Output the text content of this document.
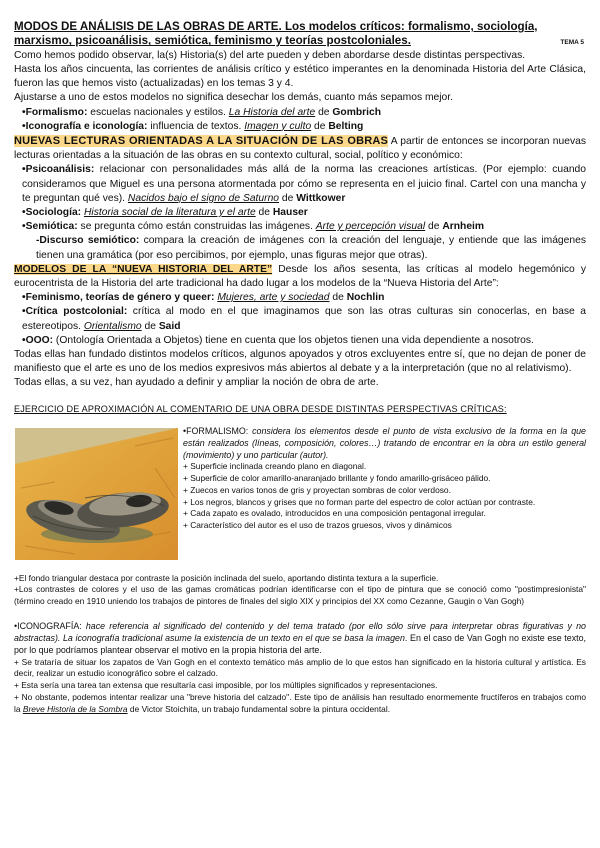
MODOS DE ANÁLISIS DE LAS OBRAS DE ARTE. Los modelos críticos: formalismo, sociología, marxismo, psicoanálisis, semiótica, feminismo y teorías postcoloniales.	TEMA 5

Como hemos podido observar, la(s) Historia(s) del arte pueden y deben abordarse desde distintas perspectivas.

Hasta los años cincuenta, las corrientes de análisis crítico y estético imperantes en la denominada Historia del Arte Clásica, fueron las que hemos visto (actualizadas) en los temas 3 y 4.

Ajustarse a uno de estos modelos no significa desechar los demás, cuanto más sepamos mejor.

•Formalismo: escuelas nacionales y estilos. La Historia del arte de Gombrich

•Iconografía e iconología: influencia de textos. Imagen y culto de Belting

NUEVAS LECTURAS ORIENTADAS A LA SITUACIÓN DE LAS OBRAS A partir de entonces se incorporan nuevas lecturas orientadas a la situación de las obras en su contexto cultural, social, político y económico:

•Psicoanálisis: relacionar con personalidades más allá de la norma las creaciones artísticas. (Por ejemplo: cuando consideramos que Miguel es una persona atormentada por cómo se representa en el juicio final. Cartel con una mancha y te preguntan qué ves). Nacidos bajo el signo de Saturno de Wittkower

•Sociología: Historia social de la literatura y el arte de Hauser

•Semiótica: se pregunta cómo están construidas las imágenes. Arte y percepción visual de Arnheim

-Discurso semiótico: compara la creación de imágenes con la creación del lenguaje, y entiende que las imágenes tienen una gramática (por eso percibimos, por ejemplo, unas figuras mejor que otras).

MODELOS DE LA “NUEVA HISTORIA DEL ARTE” Desde los años sesenta, las críticas al modelo hegemónico y eurocentrista de la Historia del arte tradicional ha dado lugar a los modelos de la “Nueva Historia del Arte”:

•Feminismo, teorías de género y queer: Mujeres, arte y sociedad de Nochlin

•Crítica postcolonial: crítica al modo en el que imaginamos que son las otras culturas sin conocerlas, en base a estereotipos. Orientalismo de Said

•OOO: (Ontología Orientada a Objetos) tiene en cuenta que los objetos tienen una vida dependiente a nosotros.

Todas ellas han fundado distintos modelos críticos, algunos apoyados y otros excluyentes entre sí, que no dejan de poner de manifiesto que el arte es uno de los medios expresivos más abiertos al debate y a la interpretación (que no al relativismo).

Todas ellas, a su vez, han ayudado a definir y ampliar la noción de obra de arte.

EJERCICIO DE APROXIMACIÓN AL COMENTARIO DE UNA OBRA DESDE DISTINTAS PERSPECTIVAS CRÍTICAS:

•FORMALISMO: considera los elementos desde el punto de vista exclusivo de la forma en la que están realizados (líneas, composición, colores…) tratando de encontrar en la obra un estilo general (movimiento) y uno particular (autor).

+ Superficie inclinada creando plano en diagonal.

+ Superficie de color amarillo-anaranjado brillante y fondo amarillo-grisáceo pálido.

+ Zuecos en varios tonos de gris y proyectan sombras de color verdoso.

+ Los negros, blancos y grises que no forman parte del espectro de color actúan por contraste.

+ Cada zapato es ovalado, introducidos en una composición pentagonal irregular.

+ Característico del autor es el uso de trazos gruesos, vivos y dinámicos

+El fondo triangular destaca por contraste la posición inclinada del suelo, aportando distinta textura a la superficie.

+Los contrastes de colores y el uso de las gamas cromáticas podrían identificarse con el tipo de pintura que se conoció como "postimpresionista" (término creado en 1910 uniendo los trabajos de pintores de finales del siglo XIX y principios del XX como Cezanne, Gaugin o Van Gogh)

•ICONOGRAFÍA: hace referencia al significado del contenido y del tema tratado (por ello sólo sirve para interpretar obras figurativas y no abstractas). La iconografía tradicional asume la existencia de un texto en el que se basa la imagen. En el caso de Van Gogh no existe ese texto, por lo que podríamos plantear observar el motivo en la propia historia del arte.

+ Se trataría de situar los zapatos de Van Gogh en el contexto temático más amplio de lo que estos han significado en la historia cultural y artística. Es decir, realizar un estudio iconográfico sobre el calzado.

+ Esta sería una tarea tan extensa que resultaría casi imposible, por los múltiples significados y representaciones.

+ No obstante, podemos intentar realizar una "breve historia del calzado". Este tipo de análisis han resultado enormemente fructíferos en trabajos como la Breve Historia de la Sombra de Victor Stoichita, un trabajo fundamental sobre la pintura occidental.
